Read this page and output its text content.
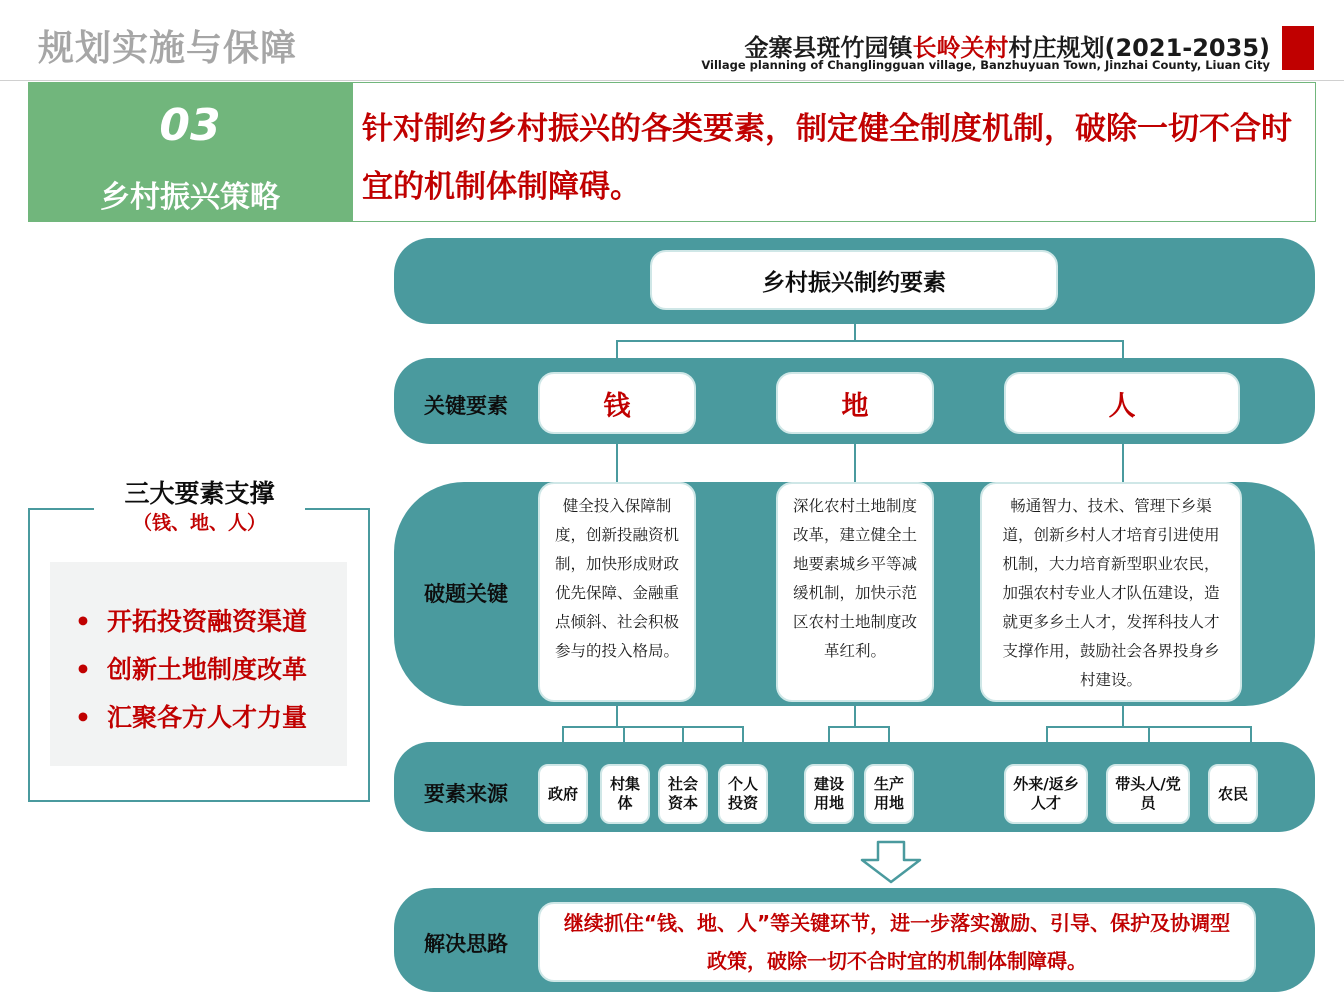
规划实施与保障	金寨县斑竹园镇长岭关村村庄规划(2021-2035)
Village planning of Changlingguan village, Banzhuyuan Town, Jinzhai County, Liuan City
03
乡村振兴策略
针对制约乡村振兴的各类要素，制定健全制度机制，破除一切不合时宜的机制体制障碍。
三大要素支撑
（钱、地、人）
• 开拓投资融资渠道
• 创新土地制度改革
• 汇聚各方人才力量
乡村振兴制约要素
关键要素	钱	地	人
破题关键
健全投入保障制度，创新投融资机制，加快形成财政优先保障、金融重点倾斜、社会积极参与的投入格局。
深化农村土地制度改革，建立健全土地要素城乡平等减缓机制，加快示范区农村土地制度改革红利。
畅通智力、技术、管理下乡渠道，创新乡村人才培育引进使用机制，大力培育新型职业农民，加强农村专业人才队伍建设，造就更多乡土人才，发挥科技人才支撑作用，鼓励社会各界投身乡村建设。
要素来源	政府
村集体
社会资本
个人投资
建设用地
生产用地
外来/返乡人才
带头人/党员
农民
解决思路
继续抓住“钱、地、人”等关键环节，进一步落实激励、引导、保护及协调型政策，破除一切不合时宜的机制体制障碍。
